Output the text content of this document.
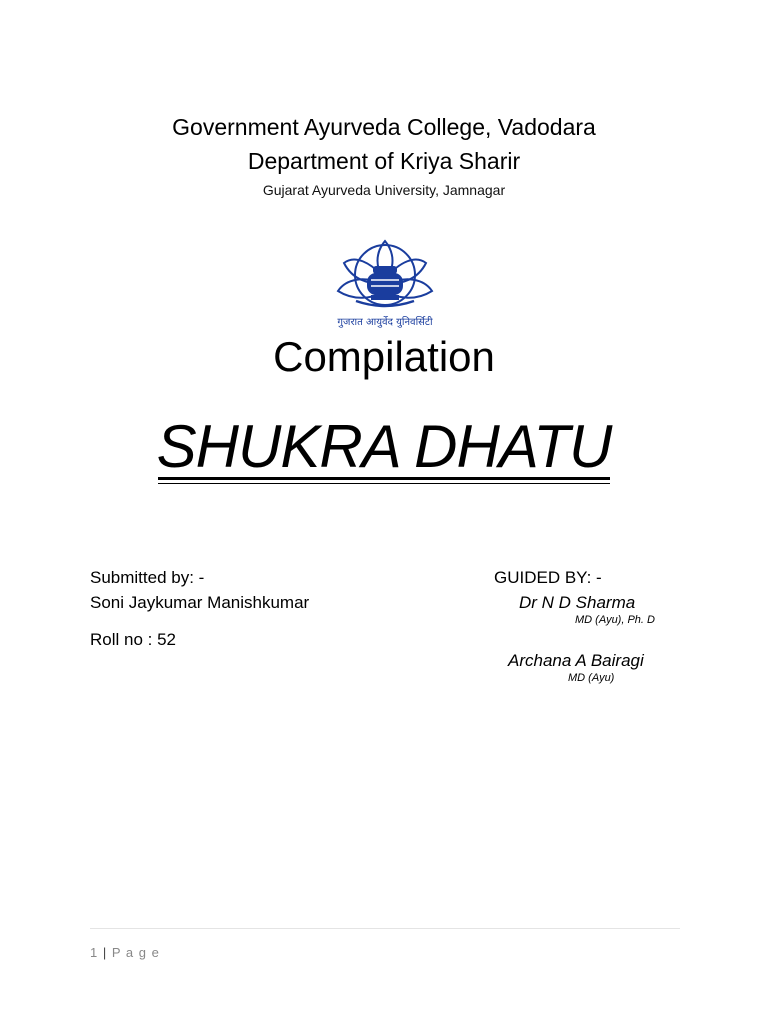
Government Ayurveda College, Vadodara
Department of Kriya Sharir
Gujarat Ayurveda University, Jamnagar
गुजरात आयुर्वेद युनिवर्सिटी
Compilation
SHUKRA DHATU
Submitted by: -
Soni Jaykumar Manishkumar
Roll no : 52
GUIDED BY: -
Dr N D Sharma
MD (Ayu), Ph. D
Archana A Bairagi
MD (Ayu)
1 | P a g e
